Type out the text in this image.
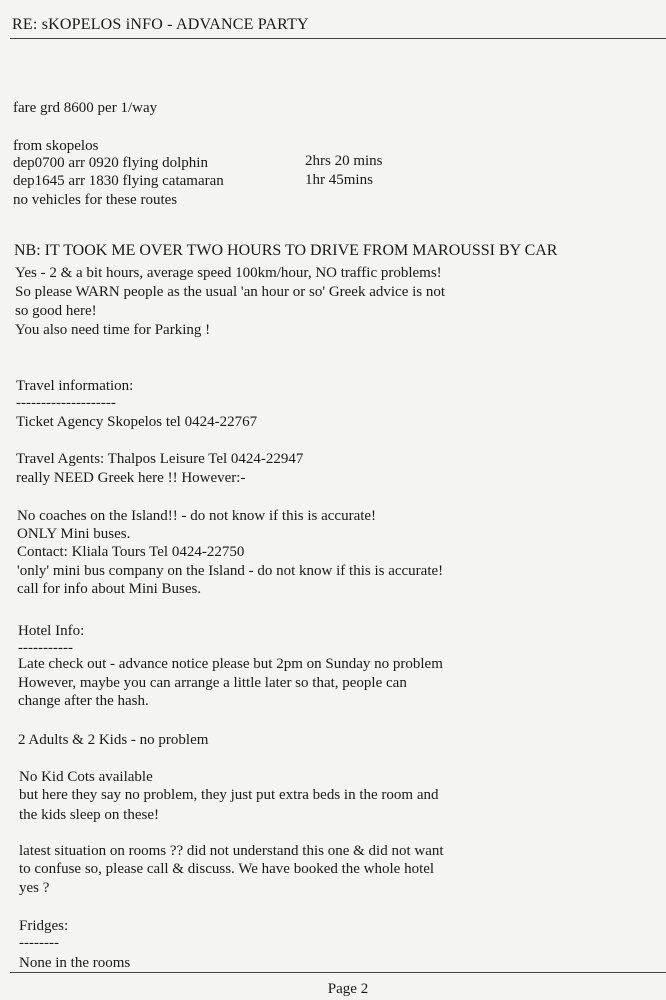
RE: sKOPELOS iNFO - ADVANCE PARTY
fare grd 8600 per 1/way
from skopelos
dep0700 arr 0920 flying dolphin	2hrs 20 mins
dep1645 arr 1830 flying catamaran	1hr 45mins
no vehicles for these routes
NB: IT TOOK ME OVER TWO HOURS TO DRIVE FROM MAROUSSI BY CAR
Yes - 2 & a bit hours, average speed 100km/hour, NO traffic problems!
So please WARN people as the usual 'an hour or so' Greek advice is not
so good here!
You also need time for Parking !
Travel information:
--------------------
Ticket Agency Skopelos tel 0424-22767
Travel Agents: Thalpos Leisure Tel 0424-22947
really NEED Greek here !! However:-
No coaches on the Island!! - do not know if this is accurate!
ONLY Mini buses.
Contact: Kliala Tours Tel 0424-22750
'only' mini bus company on the Island - do not know if this is accurate!
call for info about Mini Buses.
Hotel Info:
-----------
Late check out - advance notice please but 2pm on Sunday no problem
However, maybe you can arrange a little later so that, people can
change after the hash.
2 Adults & 2 Kids - no problem
No Kid Cots available
but here they say no problem, they just put extra beds in the room and
the kids sleep on these!
latest situation on rooms ?? did not understand this one & did not want
to confuse so, please call & discuss. We have booked the whole hotel
yes ?
Fridges:
--------
None in the rooms
Page 2
